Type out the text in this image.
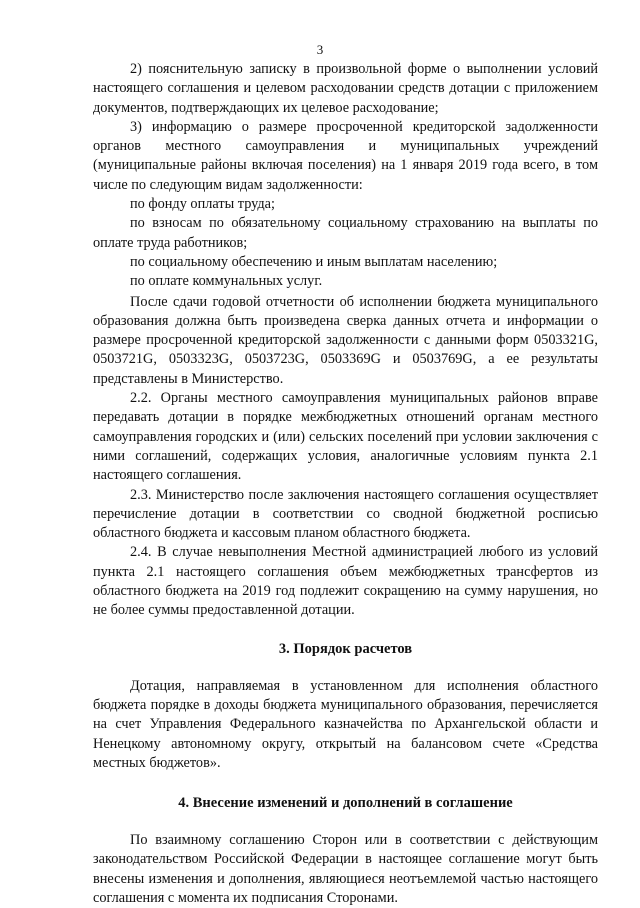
3

2) пояснительную записку в произвольной форме о выполнении условий настоящего соглашения и целевом расходовании средств дотации с приложением документов, подтверждающих их целевое расходование;

3) информацию о размере просроченной кредиторской задолженности органов местного самоуправления и муниципальных учреждений (муниципальные районы включая поселения) на 1 января 2019 года всего, в том числе по следующим видам задолженности:

по фонду оплаты труда;

по взносам по обязательному социальному страхованию на выплаты по оплате труда работников;

по социальному обеспечению и иным выплатам населению;

по оплате коммунальных услуг.

После сдачи годовой отчетности об исполнении бюджета муниципального образования должна быть произведена сверка данных отчета и информации о размере просроченной кредиторской задолженности с данными форм 0503321G, 0503721G, 0503323G, 0503723G, 0503369G и 0503769G, а ее результаты представлены в Министерство.

2.2. Органы местного самоуправления муниципальных районов вправе передавать дотации в порядке межбюджетных отношений органам местного самоуправления городских и (или) сельских поселений при условии заключения с ними соглашений, содержащих условия, аналогичные условиям пункта 2.1 настоящего соглашения.

2.3. Министерство после заключения настоящего соглашения осуществляет перечисление дотации в соответствии со сводной бюджетной росписью областного бюджета и кассовым планом областного бюджета.

2.4. В случае невыполнения Местной администрацией любого из условий пункта 2.1 настоящего соглашения объем межбюджетных трансфертов из областного бюджета на 2019 год подлежит сокращению на сумму нарушения, но не более суммы предоставленной дотации.

3. Порядок расчетов

Дотация, направляемая в установленном для исполнения областного бюджета порядке в доходы бюджета муниципального образования, перечисляется на счет Управления Федерального казначейства по Архангельской области и Ненецкому автономному округу, открытый на балансовом счете «Средства местных бюджетов».

4. Внесение изменений и дополнений в соглашение

По взаимному соглашению Сторон или в соответствии с действующим законодательством Российской Федерации в настоящее соглашение могут быть внесены изменения и дополнения, являющиеся неотъемлемой частью настоящего соглашения с момента их подписания Сторонами.
